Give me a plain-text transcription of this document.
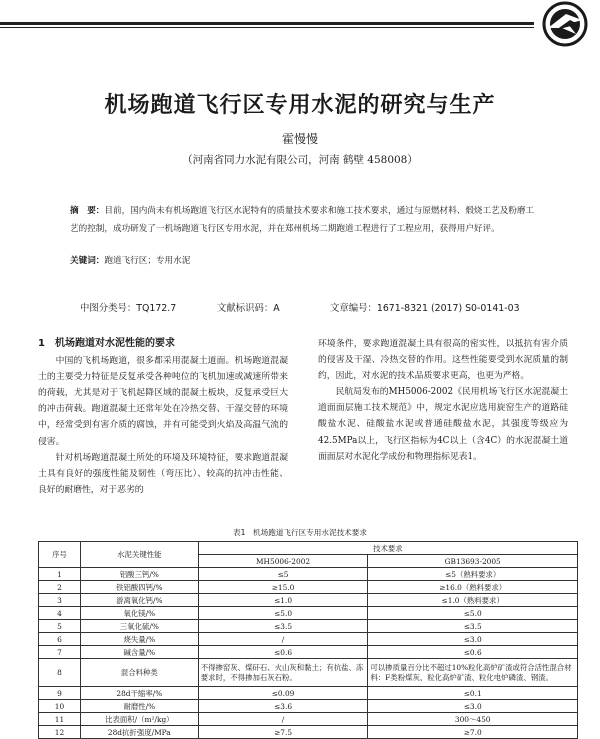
机场跑道飞行区专用水泥的研究与生产
霍慢慢
（河南省同力水泥有限公司，河南 鹤壁 458008）
摘　要：目前，国内尚未有机场跑道飞行区水泥特有的质量技术要求和施工技术要求，通过与原燃材料、煅烧工艺及粉磨工艺的控制，成功研发了一机场跑道飞行区专用水泥，并在郑州机场二期跑道工程进行了工程应用，获得用户好评。
关键词：跑道飞行区；专用水泥
中图分类号：TQ172.7	文献标识码：A	文章编号：1671-8321 (2017) S0-0141-03
1　机场跑道对水泥性能的要求

中国的飞机场跑道，很多都采用混凝土道面。机场跑道混凝土的主要受力特征是反复承受各种吨位的飞机加速或减速所带来的荷载，尤其是对于飞机起降区域的混凝土板块，反复承受巨大的冲击荷载。跑道混凝土还常年处在冷热交替、干湿交替的环境中，经常受到有害介质的腐蚀，并有可能受到火焰及高温气流的侵害。

针对机场跑道混凝土所处的环境及环境特征，要求跑道混凝土具有良好的强度性能及韧性（弯压比）、较高的抗冲击性能、良好的耐磨性，对于恶劣的

环境条件，要求跑道混凝土具有很高的密实性，以抵抗有害介质的侵害及干湿、冷热交替的作用。这些性能要受到水泥质量的制约，因此，对水泥的技术品质要求更高，也更为严格。

民航局发布的MH5006-2002《民用机场飞行区水泥混凝土道面面层施工技术规范》中，规定水泥应选用旋窑生产的道路硅酸盐水泥、硅酸盐水泥或普通硅酸盐水泥，其强度等级应为42.5MPa以上，飞行区指标为4C以上（含4C）的水泥混凝土道面面层对水泥化学成份和物理指标见表1。

表1　机场跑道飞行区专用水泥技术要求
序号	水泥关键性能	技术要求	
		MH5006-2002	GB13693-2005
1	铝酸三钙/%	≤5	≤5（熟料要求）
2	铁铝酸四钙/%	≥15.0	≥16.0（熟料要求）
3	游离氧化钙/%	≤1.0	≤1.0（熟料要求）
4	氧化镁/%	≤5.0	≤5.0
5	三氧化硫/%	≤3.5	≤3.5
6	烧失量/%	/	≤3.0
7	碱含量/%	≤0.6	≤0.6
8	混合料种类	不得掺窑灰、煤矸石、火山灰和黏土；有抗盐、冻要求时，不得掺加石灰石粉。	可以掺质量百分比不超过10%粒化高炉矿渣或符合活性混合材料：F类粉煤灰、粒化高炉矿渣、粒化电炉磷渣、钢渣。
9	28d干缩率/%	≤0.09	≤0.1
10	耐磨性/%	≤3.6	≤3.0
11	比表面积/（m²/kg）	/	300～450
12	28d抗折强度/MPa	≥7.5	≥7.0
